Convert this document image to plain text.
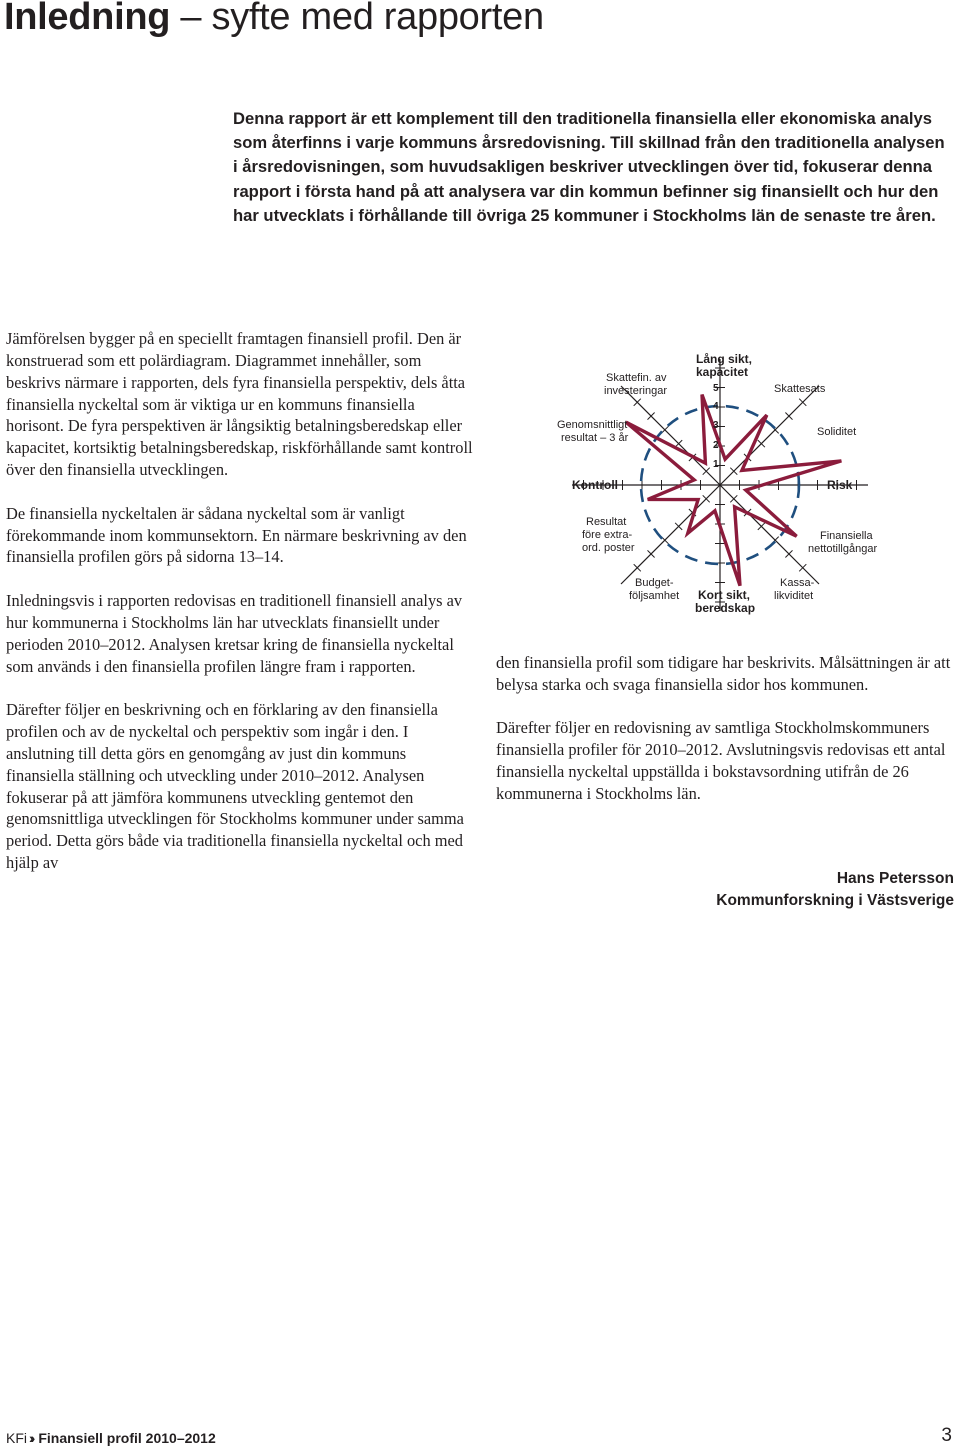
Inledning – syfte med rapporten

Denna rapport är ett komplement till den traditionella finansiella eller ekonomiska analys som återfinns i varje kommuns årsredovisning. Till skillnad från den traditionella analysen i årsredovisningen, som huvudsakligen beskriver utvecklingen över tid, fokuserar denna rapport i första hand på att analysera var din kommun befinner sig finansiellt och hur den har utvecklats i förhållande till övriga 25 kommuner i Stockholms län de senaste tre åren.

Jämförelsen bygger på en speciellt framtagen finansiell profil. Den är konstruerad som ett polärdiagram. Diagrammet innehåller, som beskrivs närmare i rapporten, dels fyra finansiella perspektiv, dels åtta finansiella nyckeltal som är viktiga ur en kommuns finansiella horisont. De fyra perspektiven är långsiktig betalningsberedskap eller kapacitet, kortsiktig betalningsberedskap, riskförhållande samt kontroll över den finansiella utvecklingen.

De finansiella nyckeltalen är sådana nyckeltal som är vanligt förekommande inom kommunsektorn. En närmare beskrivning av den finansiella profilen görs på sidorna 13–14.

Inledningsvis i rapporten redovisas en traditionell finansiell analys av hur kommunerna i Stockholms län har utvecklats finansiellt under perioden 2010–2012. Analysen kretsar kring de finansiella nyckeltal som används i den finansiella profilen längre fram i rapporten.

Därefter följer en beskrivning och en förklaring av den finansiella profilen och av de nyckeltal och perspektiv som ingår i den. I anslutning till detta görs en genomgång av just din kommuns finansiella ställning och utveckling under 2010–2012. Analysen fokuserar på att jämföra kommunens utveckling gentemot den genomsnittliga utvecklingen för Stockholms kommuner under samma period. Detta görs både via traditionella finansiella nyckeltal och med hjälp av

5
4
3
2
1
Lång sikt,
kapacitet
Risk
Kort sikt,
beredskap
Kontroll
Skattesats
Soliditet
Finansiella
nettotillgångar
Kassa-
likviditet
Budget-
följsamhet
Resultat
före extra-
ord. poster
Genomsnittligt
resultat – 3 år
Skattefin. av
investeringar

den finansiella profil som tidigare har beskrivits. Målsättningen är att belysa starka och svaga finansiella sidor hos kommunen.

Därefter följer en redovisning av samtliga Stockholmskommuners finansiella profiler för 2010–2012. Avslutningsvis redovisas ett antal finansiella nyckeltal uppställda i bokstavsordning utifrån de 26 kommunerna i Stockholms län.

Hans Petersson
Kommunforskning i Västsverige
KFi ›› Finansiell profil 2010–2012	3
